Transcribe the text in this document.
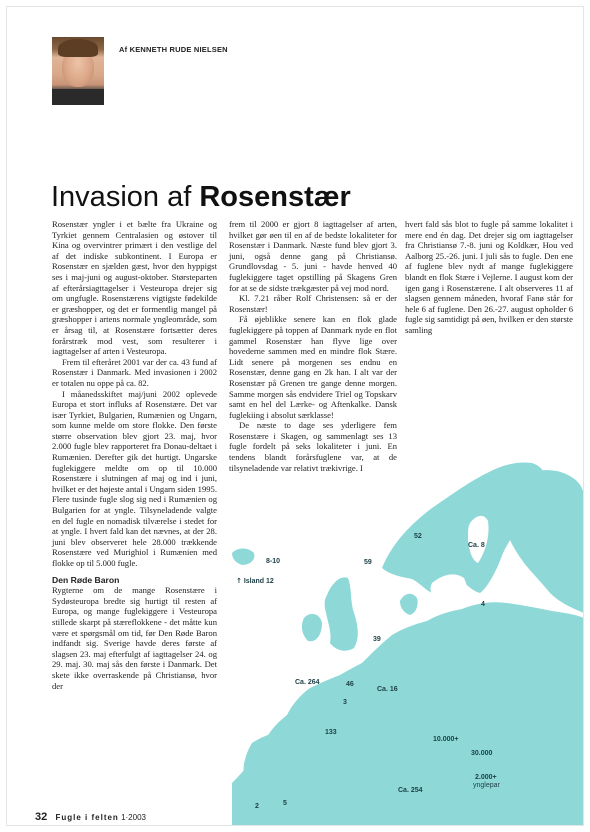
Af KENNETH RUDE NIELSEN
Invasion af Rosenstær

Rosenstær yngler i et bælte fra Ukraine og Tyrkiet gennem Centralasien og østover til Kina og overvintrer primært i den vestlige del af det indiske subkontinent. I Europa er Rosenstær en sjælden gæst, hvor den hyppigst ses i maj-juni og august-oktober. Størsteparten af efterårsiagttagelser i Vesteuropa drejer sig om ungfugle. Rosenstærens vigtigste fødekilde er græshopper, og det er formentlig mangel på græshopper i artens normale yngleområde, som er årsag til, at Rosenstære fortsætter deres forårstræk mod vest, som resulterer i iagttagelser af arten i Vesteuropa.

Frem til efteråret 2001 var der ca. 43 fund af Rosenstær i Danmark. Med invasionen i 2002 er totalen nu oppe på ca. 82.

I måanedsskiftet maj/juni 2002 oplevede Europa et stort influks af Rosenstære. Det var især Tyrkiet, Bulgarien, Rumænien og Ungarn, som kunne melde om store flokke. Den første større observation blev gjort 23. maj, hvor 2.000 fugle blev rapporteret fra Donau-deltaet i Rumænien. Derefter gik det hurtigt. Ungarske fuglekiggere meldte om op til 10.000 Rosenstære i slutningen af maj og ind i juni, hvilket er det højeste antal i Ungarn siden 1995. Flere tusinde fugle slog sig ned i Rumænien og Bulgarien for at yngle. Tilsyneladende valgte en del fugle en nomadisk tilværelse i stedet for at yngle. I hvert fald kan det nævnes, at der 28. juni blev observeret hele 28.000 trækkende Rosenstære ved Murighiol i Rumænien med flokke op til 5.000 fugle.

Den Røde Baron

Rygterne om de mange Rosenstære i Sydøsteuropa bredte sig hurtigt til resten af Europa, og mange fuglekiggere i Vesteuropa stillede skarpt på stæreflokkene - det måtte kun være et spørgsmål om tid, før Den Røde Baron indfandt sig. Sverige havde deres første af slagsen 23. maj efterfulgt af iagttagelser 24. og 29. maj. 30. maj sås den første i Danmark. Det skete ikke overraskende på Christiansø, hvor der

frem til 2000 er gjort 8 iagttagelser af arten, hvilket gør øen til en af de bedste lokaliteter for Rosenstær i Danmark. Næste fund blev gjort 3. juni, også denne gang på Christiansø. Grundlovsdag - 5. juni - havde henved 40 fuglekiggere taget opstilling på Skagens Gren for at se de sidste trækgæster på vej mod nord.

Kl. 7.21 råber Rolf Christensen: så er der Rosenstær!

Få øjeblikke senere kan en flok glade fuglekiggere på toppen af Danmark nyde en flot gammel Rosenstær han flyve lige over hovederne sammen med en mindre flok Stære. Lidt senere på morgenen ses endnu en Rosenstær, denne gang en 2k han. I alt var der Rosenstær på Grenen tre gange denne morgen. Samme morgen sås endvidere Triel og Topskarv samt en hel del Lærke- og Aftenkalke. Dansk fuglekiing i absolut særklasse!

De næste to dage ses yderligere fem Rosenstære i Skagen, og sammenlagt ses 13 fugle fordelt på seks lokaliteter i juni. En tendens blandt forårsfuglene var, at de tilsyneladende var relativt trækivrige. I

hvert fald sås blot to fugle på samme lokalitet i mere end én dag. Det drejer sig om iagttagelser fra Christiansø 7.-8. juni og Koldkær, Hou ved Aalborg 25.-26. juni. I juli sås to fugle. Den ene af fuglene blev nydt af mange fuglekiggere blandt en flok Stære i Vejlerne. I august kom der igen gang i Rosenstærene. I alt observeres 11 af slagsen gennem måneden, hvoraf Fanø står for hele 6 af fuglene. Den 26.-27. august opholder 6 fugle sig samtidigt på øen, hvilken er den største samling

8-10
↑ Island 12
59
52
Ca. 8
4
39
Ca. 264	46
Ca. 16
3
133
10.000+
30.000
2.000+
ynglepar
Ca. 254
2	5
32 Fugle i felten 1·2003
